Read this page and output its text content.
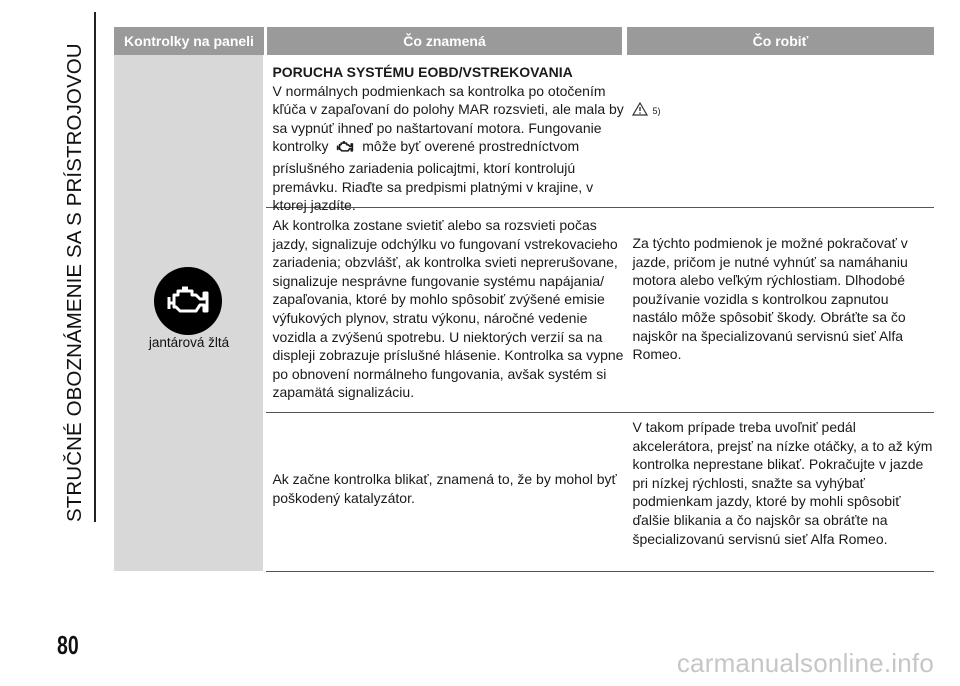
STRUČNÉ OBOZNÁMENIE SA S PRÍSTROJOVOU
Kontrolky na paneli	Čo znamená	Čo robiť
jantárová žltá

PORUCHA SYSTÉMU EOBD/VSTREKOVANIA
V normálnych podmienkach sa kontrolka po otočením kľúča v zapaľovaní do polohy MAR rozsvieti, ale mala by sa vypnúť ihneď po naštartovaní motora. Fungovanie kontrolky môže byť overené prostredníctvom príslušného zariadenia policajtmi, ktorí kontrolujú premávku. Riaďte sa predpismi platnými v krajine, v ktorej jazdíte.

5)

Ak kontrolka zostane svietiť alebo sa rozsvieti počas jazdy, signalizuje odchýlku vo fungovaní vstrekovacieho zariadenia; obzvlášť, ak kontrolka svieti neprerušovane, signalizuje nesprávne fungovanie systému napájania/ zapaľovania, ktoré by mohlo spôsobiť zvýšené emisie výfukových plynov, stratu výkonu, náročné vedenie vozidla a zvýšenú spotrebu. U niektorých verzií sa na displeji zobrazuje príslušné hlásenie. Kontrolka sa vypne po obnovení normálneho fungovania, avšak systém si zapamätá signalizáciu.

Za týchto podmienok je možné pokračovať v jazde, pričom je nutné vyhnúť sa namáhaniu motora alebo veľkým rýchlostiam. Dlhodobé používanie vozidla s kontrolkou zapnutou nastálo môže spôsobiť škody. Obráťte sa čo najskôr na špecializovanú servisnú sieť Alfa Romeo.

Ak začne kontrolka blikať, znamená to, že by mohol byť poškodený katalyzátor.

V takom prípade treba uvoľniť pedál akcelerátora, prejsť na nízke otáčky, a to až kým kontrolka neprestane blikať. Pokračujte v jazde pri nízkej rýchlosti, snažte sa vyhýbať podmienkam jazdy, ktoré by mohli spôsobiť ďalšie blikania a čo najskôr sa obráťte na špecializovanú servisnú sieť Alfa Romeo.

80
carmanualsonline.info
